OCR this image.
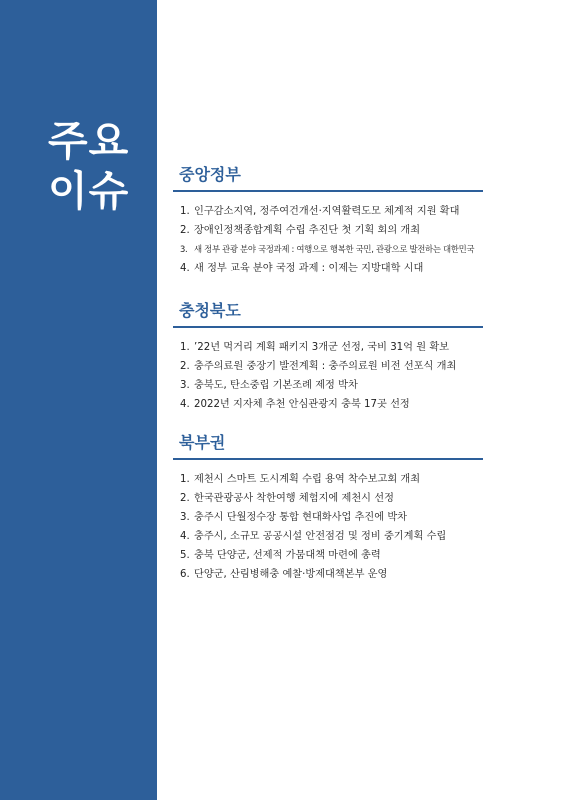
주요
이슈	중앙정부
1. 인구감소지역, 정주여건개선·지역활력도모 체계적 지원 확대
2. 장애인정책종합계획 수립 추진단 첫 기획 회의 개최
3. 새 정부 관광 분야 국정과제 : 여행으로 행복한 국민, 관광으로 발전하는 대한민국
4. 새 정부 교육 분야 국정 과제 : 이제는 지방대학 시대
충청북도
1. ’22년 먹거리 계획 패키지 3개군 선정, 국비 31억 원 확보
2. 충주의료원 중장기 발전계획 : 충주의료원 비전 선포식 개최
3. 충북도, 탄소중립 기본조례 제정 박차
4. 2022년 지자체 추천 안심관광지 충북 17곳 선정
북부권
1. 제천시 스마트 도시계획 수립 용역 착수보고회 개최
2. 한국관광공사 착한여행 체험지에 제천시 선정
3. 충주시 단월정수장 통합 현대화사업 추진에 박차
4. 충주시, 소규모 공공시설 안전점검 및 정비 중기계획 수립
5. 충북 단양군, 선제적 가뭄대책 마련에 총력
6. 단양군, 산림병해충 예찰·방제대책본부 운영
